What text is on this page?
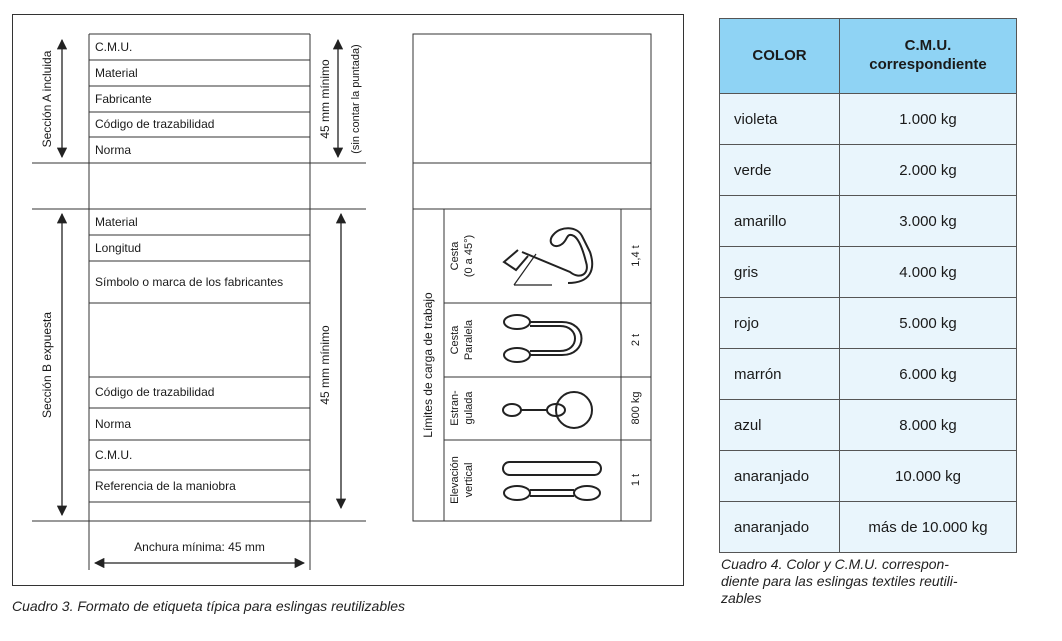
C.M.U.
Material
Fabricante
Código de trazabilidad
Norma
Material
Longitud
Símbolo o marca de los fabricantes
Código de trazabilidad
Norma
C.M.U.
Referencia de la maniobra
Sección A incluida
Sección B expuesta
45 mm mínimo (sin contar la puntada)
45 mm mínimo	Límites de carga de trabajo
Anchura mínima: 45 mm
Cesta (0 a 45°)
Cesta Paralela
Estran- gulada
Elevación vertical
1,4 t
2 t
800 kg
1 t
Cuadro 3. Formato de etiqueta típica para eslingas reutilizables
COLOR	C.M.U.
correspondiente

violeta	1.000 kg
verde	2.000 kg
amarillo	3.000 kg
gris	4.000 kg
rojo	5.000 kg
marrón	6.000 kg
azul	8.000 kg
anaranjado	10.000 kg
anaranjado	más de 10.000 kg
Cuadro 4. Color y C.M.U. correspon-
diente para las eslingas textiles reutili-
zables
